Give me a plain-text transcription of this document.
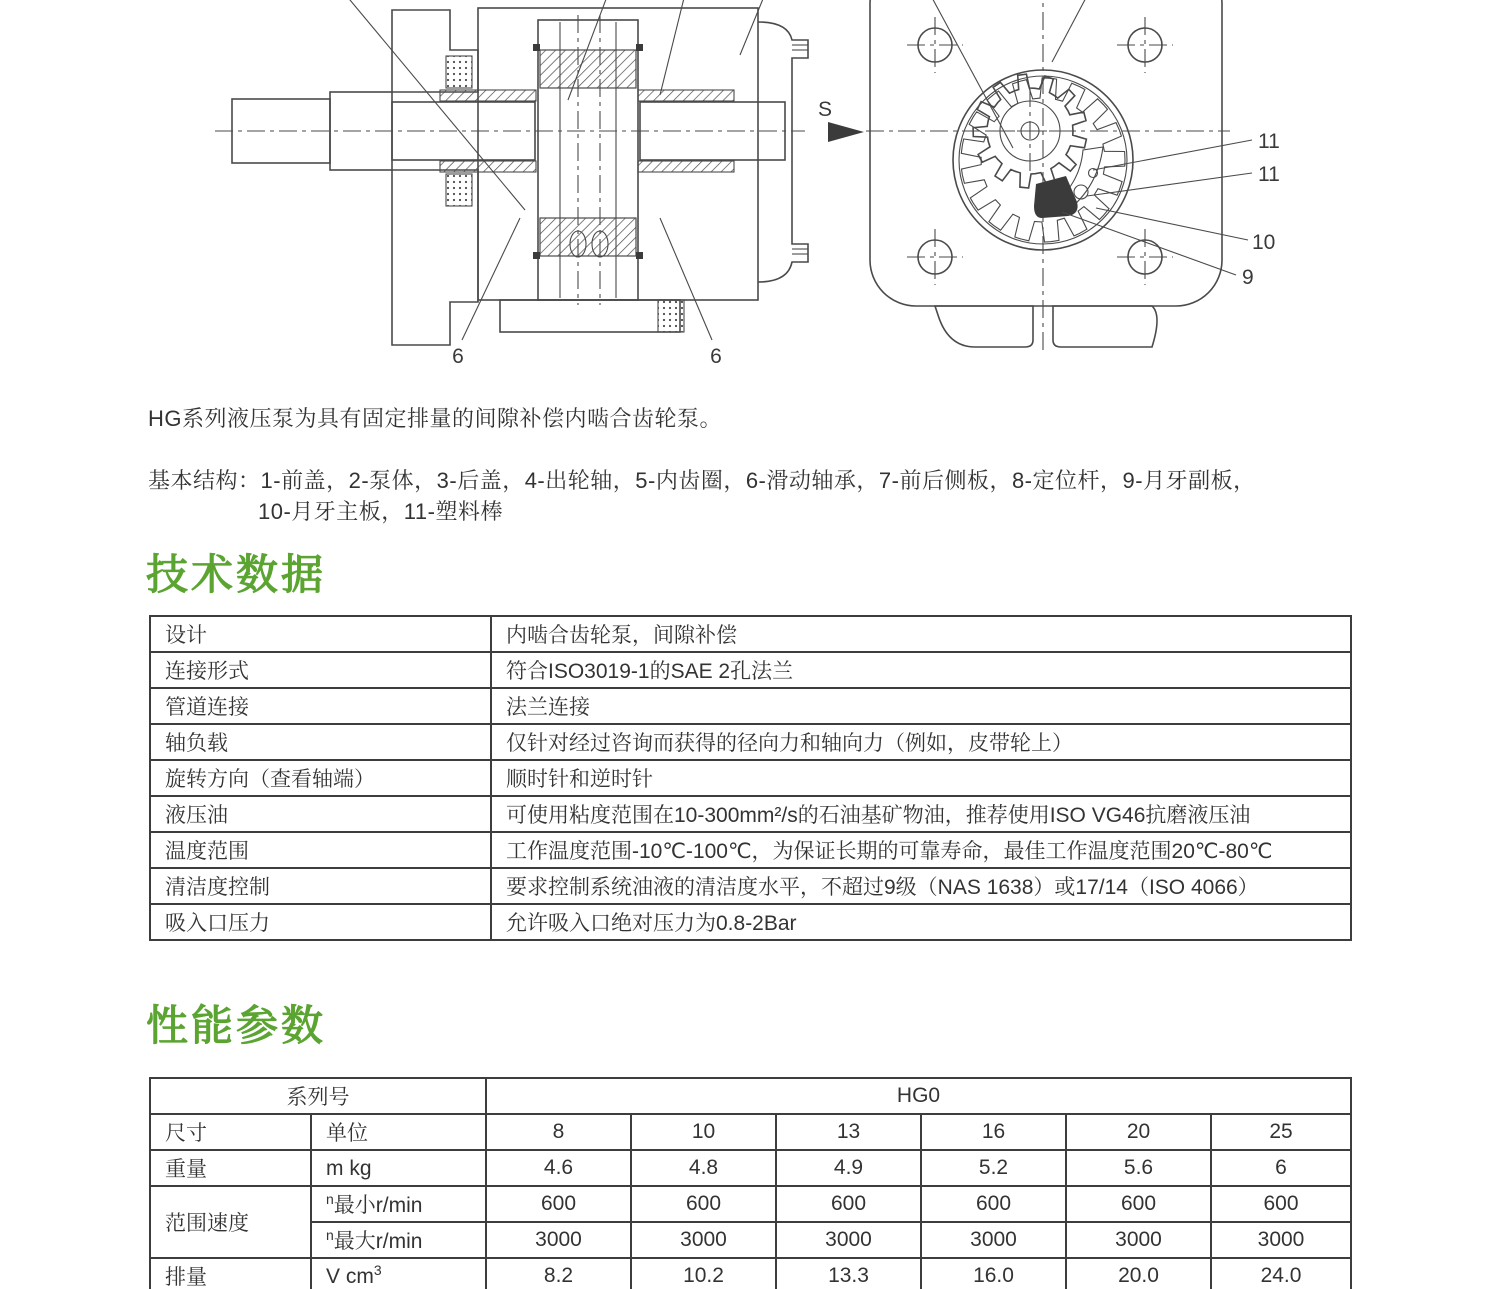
6	6
S
11
11
10
9
HG系列液压泵为具有固定排量的间隙补偿内啮合齿轮泵。
基本结构：1-前盖，2-泵体，3-后盖，4-出轮轴，5-内齿圈，6-滑动轴承，7-前后侧板，8-定位杆，9-月牙副板，
10-月牙主板，11-塑料棒
技术数据
设计	内啮合齿轮泵，间隙补偿
连接形式	符合ISO3019-1的SAE 2孔法兰
管道连接	法兰连接
轴负载	仅针对经过咨询而获得的径向力和轴向力（例如，皮带轮上）
旋转方向（查看轴端）	顺时针和逆时针
液压油	可使用粘度范围在10-300mm²/s的石油基矿物油，推荐使用ISO VG46抗磨液压油
温度范围	工作温度范围-10℃-100℃，为保证长期的可靠寿命，最佳工作温度范围20℃-80℃
清洁度控制	要求控制系统油液的清洁度水平，不超过9级（NAS 1638）或17/14（ISO 4066）
吸入口压力	允许吸入口绝对压力为0.8-2Bar
性能参数
系列号		HG0					
尺寸	单位	8	10	13	16	20	25
重量	m kg	4.6	4.8	4.9	5.2	5.6	6
范围速度	$^n$最小r/min	600	600	600	600	600	600
	$^n$最大r/min	3000	3000	3000	3000	3000	3000
排量	V $cm^3$	8.2	10.2	13.3	16.0	20.0	24.0
